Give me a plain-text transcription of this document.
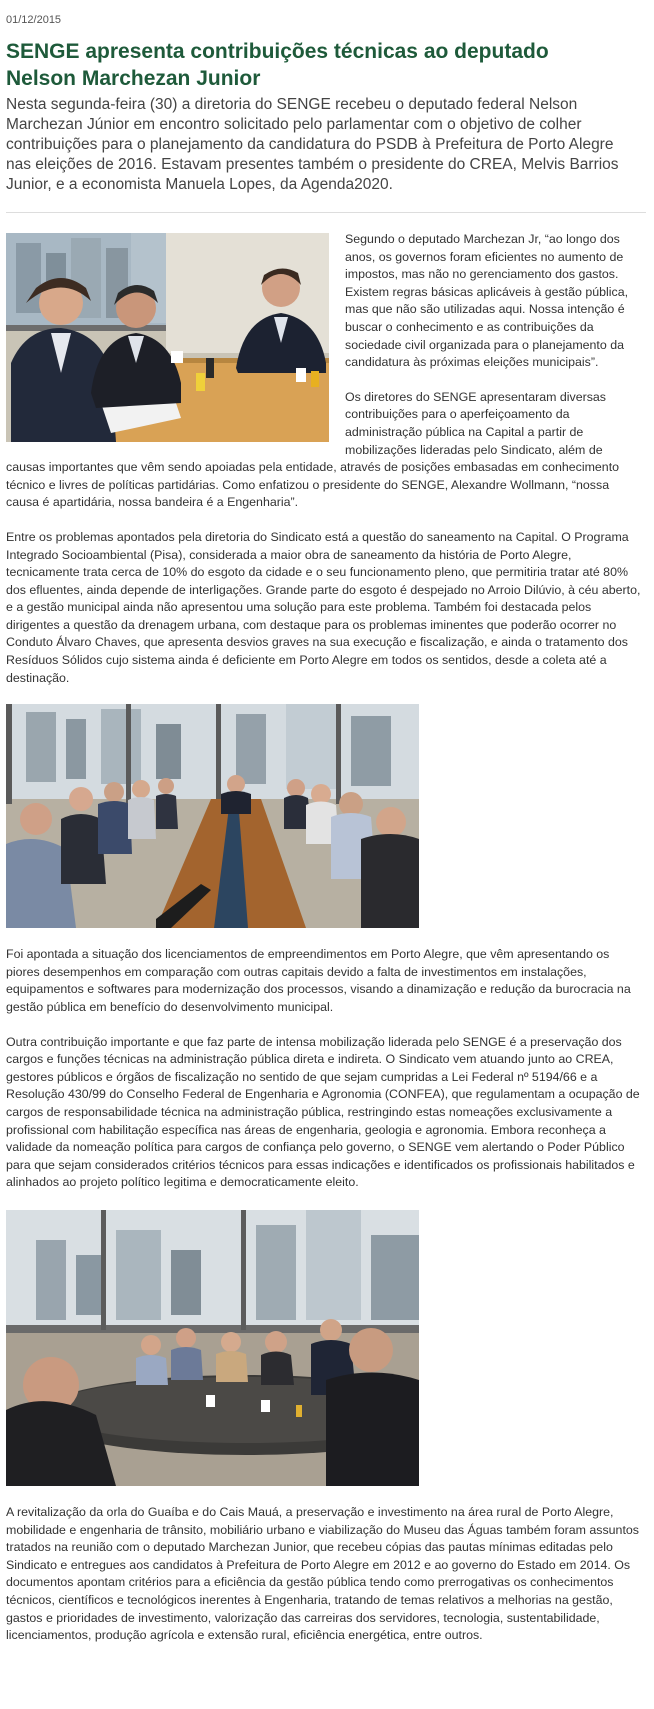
01/12/2015
SENGE apresenta contribuições técnicas ao deputado Nelson Marchezan Junior

Nesta segunda-feira (30) a diretoria do SENGE recebeu o deputado federal Nelson Marchezan Júnior em encontro solicitado pelo parlamentar com o objetivo de colher contribuições para o planejamento da candidatura do PSDB à Prefeitura de Porto Alegre nas eleições de 2016. Estavam presentes também o presidente do CREA, Melvis Barrios Junior, e a economista Manuela Lopes, da Agenda2020.

Segundo o deputado Marchezan Jr, “ao longo dos anos, os governos foram eficientes no aumento de impostos, mas não no gerenciamento dos gastos. Existem regras básicas aplicáveis à gestão pública, mas que não são utilizadas aqui. Nossa intenção é buscar o conhecimento e as contribuições da sociedade civil organizada para o planejamento da candidatura às próximas eleições municipais”.

Os diretores do SENGE apresentaram diversas contribuições para o aperfeiçoamento da administração pública na Capital a partir de mobilizações lideradas pelo Sindicato, além de causas importantes que vêm sendo apoiadas pela entidade, através de posições embasadas em conhecimento técnico e livres de políticas partidárias. Como enfatizou o presidente do SENGE, Alexandre Wollmann, “nossa causa é apartidária, nossa bandeira é a Engenharia”.

Entre os problemas apontados pela diretoria do Sindicato está a questão do saneamento na Capital. O Programa Integrado Socioambiental (Pisa), considerada a maior obra de saneamento da história de Porto Alegre, tecnicamente trata cerca de 10% do esgoto da cidade e o seu funcionamento pleno, que permitiria tratar até 80% dos efluentes, ainda depende de interligações. Grande parte do esgoto é despejado no Arroio Dilúvio, à céu aberto, e a gestão municipal ainda não apresentou uma solução para este problema. Também foi destacada pelos dirigentes a questão da drenagem urbana, com destaque para os problemas iminentes que poderão ocorrer no Conduto Álvaro Chaves, que apresenta desvios graves na sua execução e fiscalização, e ainda o tratamento dos Resíduos Sólidos cujo sistema ainda é deficiente em Porto Alegre em todos os sentidos, desde a coleta até a destinação.

Foi apontada a situação dos licenciamentos de empreendimentos em Porto Alegre, que vêm apresentando os piores desempenhos em comparação com outras capitais devido a falta de investimentos em instalações, equipamentos e softwares para modernização dos processos, visando a dinamização e redução da burocracia na gestão pública em benefício do desenvolvimento municipal.

Outra contribuição importante e que faz parte de intensa mobilização liderada pelo SENGE é a preservação dos cargos e funções técnicas na administração pública direta e indireta. O Sindicato vem atuando junto ao CREA, gestores públicos e órgãos de fiscalização no sentido de que sejam cumpridas a Lei Federal nº 5194/66 e a Resolução 430/99 do Conselho Federal de Engenharia e Agronomia (CONFEA), que regulamentam a ocupação de cargos de responsabilidade técnica na administração pública, restringindo estas nomeações exclusivamente a profissional com habilitação específica nas áreas de engenharia, geologia e agronomia. Embora reconheça a validade da nomeação política para cargos de confiança pelo governo, o SENGE vem alertando o Poder Público para que sejam considerados critérios técnicos para essas indicações e identificados os profissionais habilitados e alinhados ao projeto político legitima e democraticamente eleito.

A revitalização da orla do Guaíba e do Cais Mauá, a preservação e investimento na área rural de Porto Alegre, mobilidade e engenharia de trânsito, mobiliário urbano e viabilização do Museu das Águas também foram assuntos tratados na reunião com o deputado Marchezan Junior, que recebeu cópias das pautas mínimas editadas pelo Sindicato e entregues aos candidatos à Prefeitura de Porto Alegre em 2012 e ao governo do Estado em 2014. Os documentos apontam critérios para a eficiência da gestão pública tendo como prerrogativas os conhecimentos técnicos, científicos e tecnológicos inerentes à Engenharia, tratando de temas relativos a melhorias na gestão, gastos e prioridades de investimento, valorização das carreiras dos servidores, tecnologia, sustentabilidade, licenciamentos, produção agrícola e extensão rural, eficiência energética, entre outros.
